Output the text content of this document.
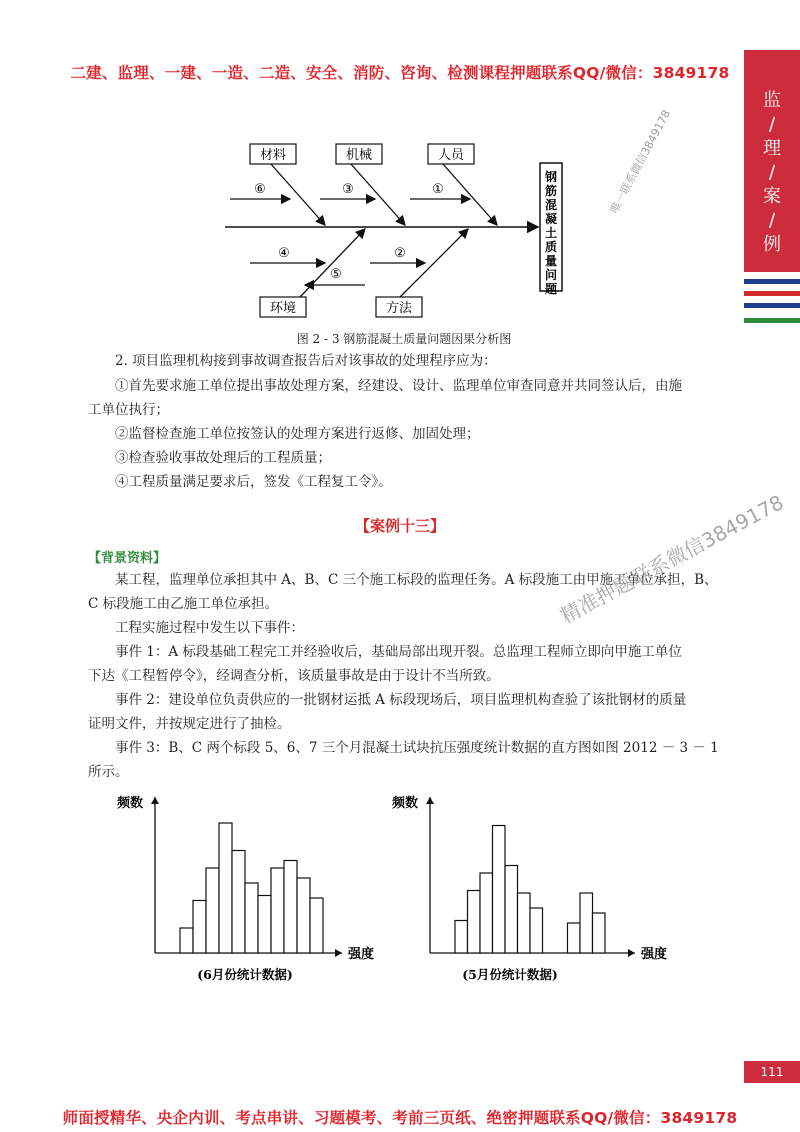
二建、监理、一建、一造、二造、安全、消防、咨询、检测课程押题联系QQ/微信：3849178
监
/
理
/
案
/
例
材料	机械	人员
环境	方法
钢
筋
混
凝
土
质
量
问
题
⑥	③	①
④	②
⑤
唯一联系微信3849178
图 2 - 3 钢筋混凝土质量问题因果分析图
2. 项目监理机构接到事故调查报告后对该事故的处理程序应为：
①首先要求施工单位提出事故处理方案，经建设、设计、监理单位审查同意并共同签认后，由施
工单位执行；
②监督检查施工单位按签认的处理方案进行返修、加固处理；
③检查验收事故处理后的工程质量；
④工程质量满足要求后，签发《工程复工令》。
【案例十三】
【背景资料】
某工程，监理单位承担其中 A、B、C 三个施工标段的监理任务。A 标段施工由甲施工单位承担，B、
C 标段施工由乙施工单位承担。
工程实施过程中发生以下事件：
事件 1：A 标段基础工程完工并经验收后，基础局部出现开裂。总监理工程师立即向甲施工单位
下达《工程暂停令》，经调查分析，该质量事故是由于设计不当所致。
事件 2：建设单位负责供应的一批钢材运抵 A 标段现场后，项目监理机构查验了该批钢材的质量
证明文件，并按规定进行了抽检。
事件 3：B、C 两个标段 5、6、7 三个月混凝土试块抗压强度统计数据的直方图如图 2012 － 3 － 1
所示。
精准押题联系微信3849178
频数
强度
(6月份统计数据)
频数
强度
(5月份统计数据)
111
师面授精华、央企内训、考点串讲、习题模考、考前三页纸、绝密押题联系QQ/微信：3849178
